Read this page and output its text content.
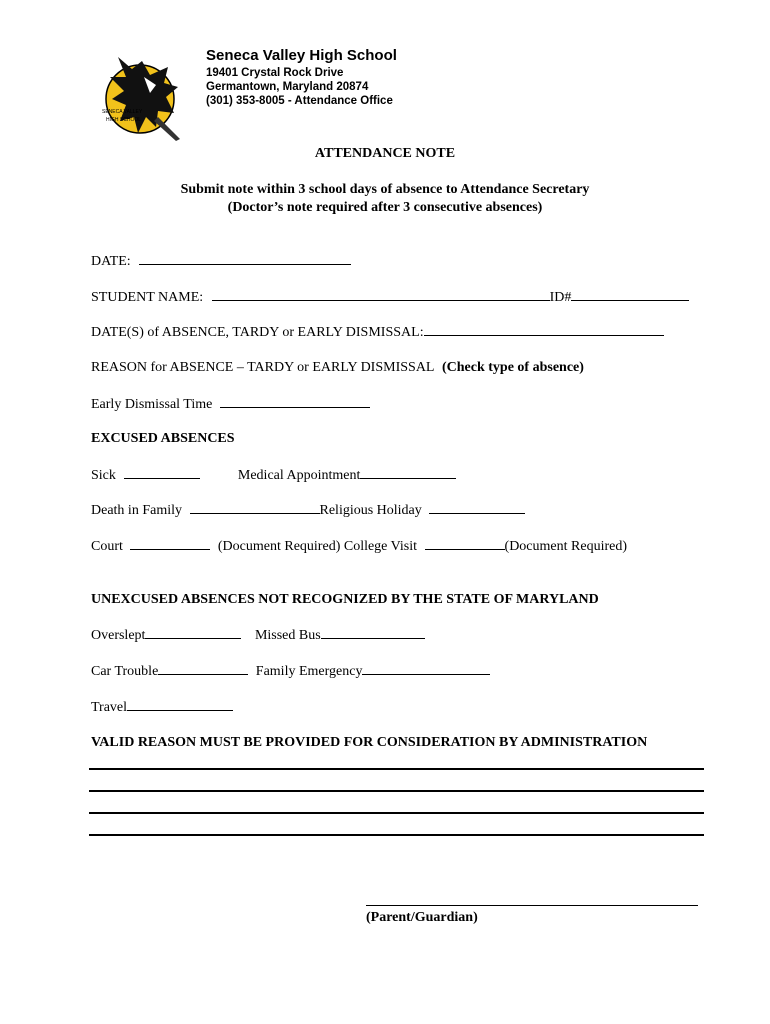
SENECA VALLEY
HIGH SCHOOL
Seneca Valley High School
19401 Crystal Rock Drive
Germantown, Maryland 20874
(301) 353-8005 - Attendance Office
ATTENDANCE NOTE
Submit note within 3 school days of absence to Attendance Secretary
(Doctor’s note required after 3 consecutive absences)
DATE:
STUDENT NAME:	ID#
DATE(S) of ABSENCE, TARDY or EARLY DISMISSAL:
REASON for ABSENCE – TARDY or EARLY DISMISSAL (Check type of absence)
Early Dismissal Time
EXCUSED ABSENCES
Sick	Medical Appointment
Death in Family	Religious Holiday
Court	(Document Required) College Visit	(Document Required)
UNEXCUSED ABSENCES NOT RECOGNIZED BY THE STATE OF MARYLAND
Overslept	Missed Bus
Car Trouble	Family Emergency
Travel
VALID REASON MUST BE PROVIDED FOR CONSIDERATION BY ADMINISTRATION
(Parent/Guardian)
